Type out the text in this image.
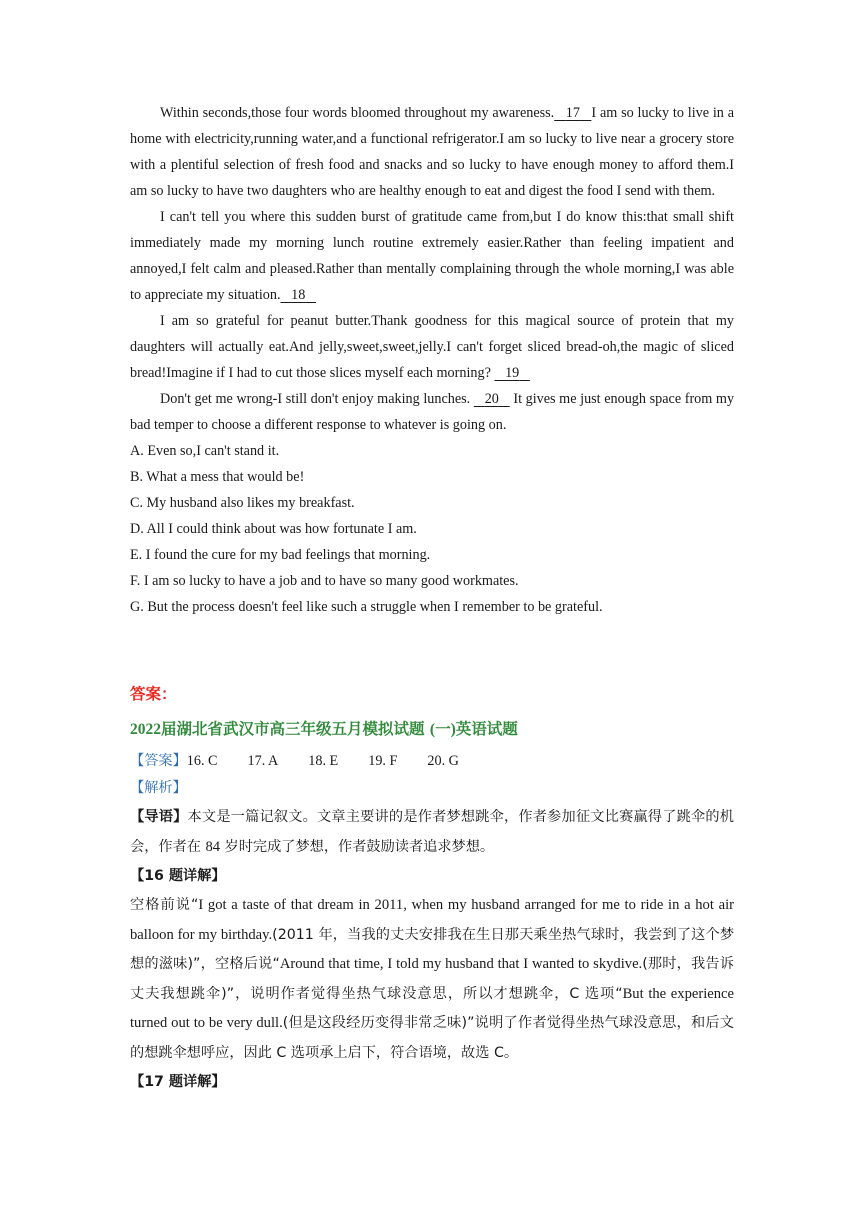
Within seconds,those four words bloomed throughout my awareness. 17 I am so lucky to live in a home with electricity,running water,and a functional refrigerator.I am so lucky to live near a grocery store with a plentiful selection of fresh food and snacks and so lucky to have enough money to afford them.I am so lucky to have two daughters who are healthy enough to eat and digest the food I send with them.

I can't tell you where this sudden burst of gratitude came from,but I do know this:that small shift immediately made my morning lunch routine extremely easier.Rather than feeling impatient and annoyed,I felt calm and pleased.Rather than mentally complaining through the whole morning,I was able to appreciate my situation. 18

I am so grateful for peanut butter.Thank goodness for this magical source of protein that my daughters will actually eat.And jelly,sweet,sweet,jelly.I can't forget sliced bread-oh,the magic of sliced bread!Imagine if I had to cut those slices myself each morning? 19

Don't get me wrong-I still don't enjoy making lunches. 20 It gives me just enough space from my bad temper to choose a different response to whatever is going on.

A. Even so,I can't stand it.

B. What a mess that would be!

C. My husband also likes my breakfast.

D. All I could think about was how fortunate I am.

E. I found the cure for my bad feelings that morning.

F. I am so lucky to have a job and to have so many good workmates.

G. But the process doesn't feel like such a struggle when I remember to be grateful.

答案：

2022届湖北省武汉市高三年级五月模拟试题 (一)英语试题

【答案】16. C 17. A 18. E 19. F 20. G

【解析】

【导语】本文是一篇记叙文。文章主要讲的是作者梦想跳伞，作者参加征文比赛赢得了跳伞的机会，作者在 84 岁时完成了梦想，作者鼓励读者追求梦想。

【16 题详解】

空格前说“I got a taste of that dream in 2011, when my husband arranged for me to ride in a hot air balloon for my birthday.(2011 年，当我的丈夫安排我在生日那天乘坐热气球时，我尝到了这个梦想的滋味)”，空格后说“Around that time, I told my husband that I wanted to skydive.(那时，我告诉丈夫我想跳伞)”，说明作者觉得坐热气球没意思，所以才想跳伞，C 选项“But the experience turned out to be very dull.(但是这段经历变得非常乏味)”说明了作者觉得坐热气球没意思，和后文的想跳伞想呼应，因此 C 选项承上启下，符合语境，故选 C。

【17 题详解】
